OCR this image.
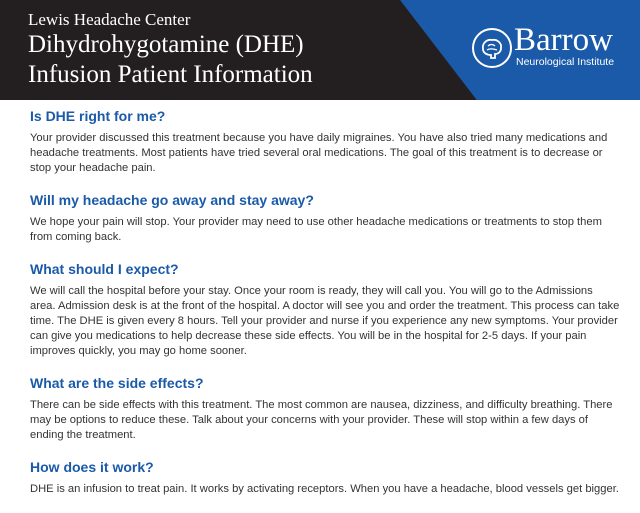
Lewis Headache Center
Dihydrohygotamine (DHE)
Infusion Patient Information
Barrow
Neurological Institute
Is DHE right for me?
Your provider discussed this treatment because you have daily migraines. You have also tried many medications and headache treatments. Most patients have tried several oral medications. The goal of this treatment is to decrease or stop your headache pain.
Will my headache go away and stay away?
We hope your pain will stop. Your provider may need to use other headache medications or treatments to stop them from coming back.
What should I expect?
We will call the hospital before your stay. Once your room is ready, they will call you. You will go to the Admissions area. Admission desk is at the front of the hospital. A doctor will see you and order the treatment. This process can take time. The DHE is given every 8 hours. Tell your provider and nurse if you experience any new symptoms. Your provider can give you medications to help decrease these side effects. You will be in the hospital for 2-5 days. If your pain improves quickly, you may go home sooner.
What are the side effects?
There can be side effects with this treatment. The most common are nausea, dizziness, and difficulty breathing. There may be options to reduce these. Talk about your concerns with your provider. These will stop within a few days of ending the treatment.
How does it work?
DHE is an infusion to treat pain. It works by activating receptors. When you have a headache, blood vessels get bigger.
